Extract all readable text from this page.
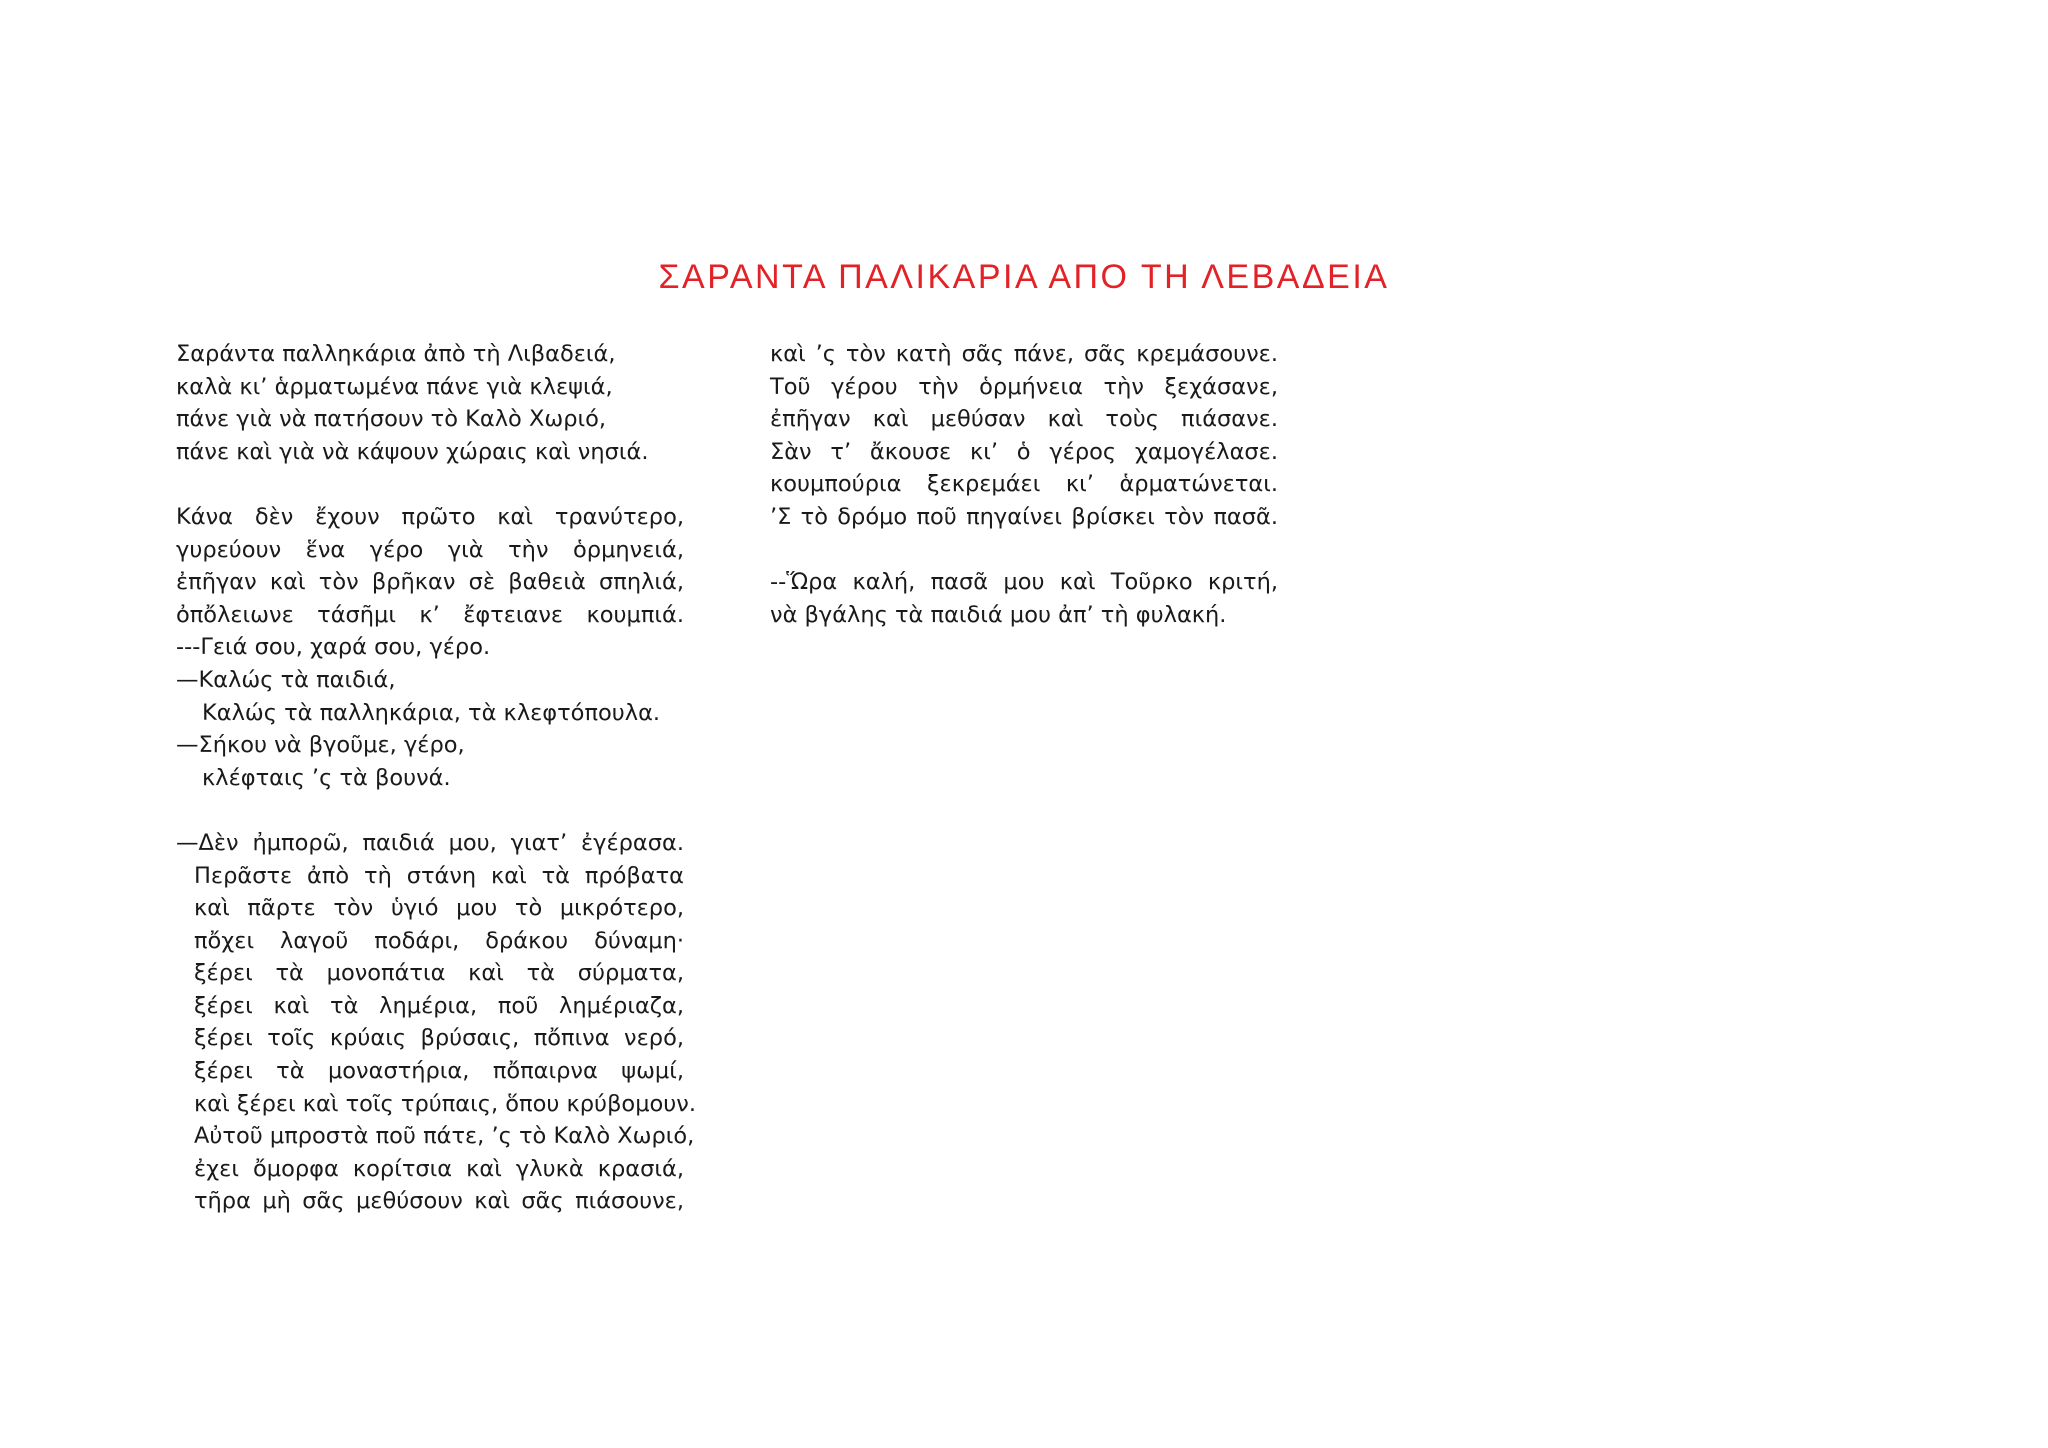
ΣΑΡΑΝΤΑ ΠΑΛΙΚΑΡΙΑ ΑΠΟ ΤΗ ΛΕΒΑΔΕΙΑ
Σαράντα παλληκάρια ἀπὸ τὴ Λιβαδειά,
καλὰ κι’ ἁρματωμένα πάνε γιὰ κλεψιά,
πάνε γιὰ νὰ πατήσουν τὸ Καλὸ Χωριό,
πάνε καὶ γιὰ νὰ κάψουν χώραις καὶ νησιά.
Κάνα δὲν ἔχουν πρῶτο καὶ τρανύτερο,
γυρεύουν ἕνα γέρο γιὰ τὴν ὁρμηνειά,
ἐπῆγαν καὶ τὸν βρῆκαν σὲ βαθειὰ σπηλιά,
ὀπὄλειωνε τάσῆμι κ’ ἔφτειανε κουμπιά.
---Γειά σου, χαρά σου, γέρο.
—Καλώς τὰ παιδιά,
Καλώς τὰ παλληκάρια, τὰ κλεφτόπουλα.
—Σήκου νὰ βγοῦμε, γέρο,
κλέφταις ’ς τὰ βουνά.
—Δὲν ἠμπορῶ, παιδιά μου, γιατ’ ἐγέρασα.
Περᾶστε ἀπὸ τὴ στάνη καὶ τὰ πρόβατα
καὶ πᾶρτε τὸν ὑγιό μου τὸ μικρότερο,
πὄχει λαγοῦ ποδάρι, δράκου δύναμη·
ξέρει τὰ μονοπάτια καὶ τὰ σύρματα,
ξέρει καὶ τὰ λημέρια, ποῦ λημέριαζα,
ξέρει τοῖς κρύαις βρύσαις, πὄπινα νερό,
ξέρει τὰ μοναστήρια, πὄπαιρνα ψωμί,
καὶ ξέρει καὶ τοῖς τρύπαις, ὅπου κρύβομουν.
Αὐτοῦ μπροστὰ ποῦ πάτε, ’ς τὸ Καλὸ Χωριό,
ἐχει ὄμορφα κορίτσια καὶ γλυκὰ κρασιά,
τῆρα μὴ σᾶς μεθύσουν καὶ σᾶς πιάσουνε,
καὶ ’ς τὸν κατὴ σᾶς πάνε, σᾶς κρεμάσουνε.
Τοῦ γέρου τὴν ὁρμήνεια τὴν ξεχάσανε,
ἐπῆγαν καὶ μεθύσαν καὶ τοὺς πιάσανε.
Σὰν τ’ ἄκουσε κι’ ὁ γέρος χαμογέλασε.
κουμπούρια ξεκρεμάει κι’ ἁρματώνεται.
’Σ τὸ δρόμο ποῦ πηγαίνει βρίσκει τὸν πασᾶ.
--Ὥρα καλή, πασᾶ μου καὶ Τοῦρκο κριτή,
νὰ βγάλης τὰ παιδιά μου ἀπ’ τὴ φυλακή.
